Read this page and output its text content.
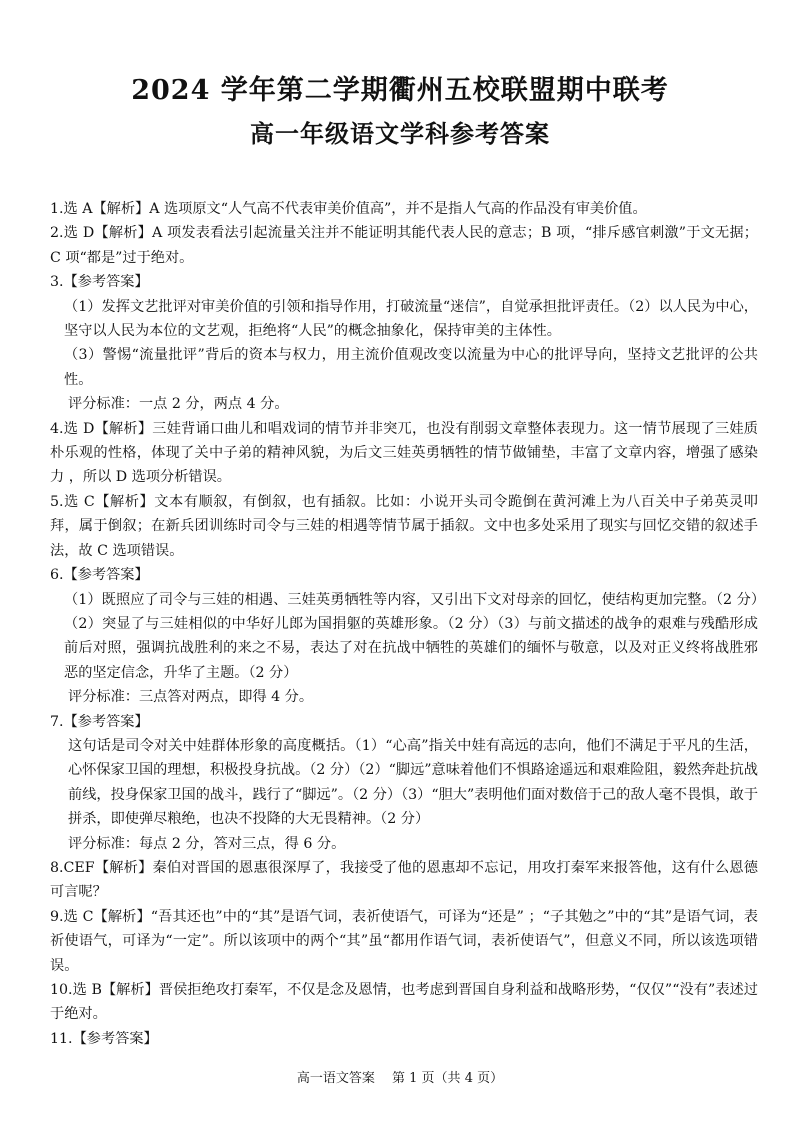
2024 学年第二学期衢州五校联盟期中联考
高一年级语文学科参考答案

1.选 A【解析】A 选项原文“人气高不代表审美价值高”，并不是指人气高的作品没有审美价值。

2.选 D【解析】A 项发表看法引起流量关注并不能证明其能代表人民的意志；B 项，“排斥感官刺激”于文无据；C 项“都是”过于绝对。

3.【参考答案】

（1）发挥文艺批评对审美价值的引领和指导作用，打破流量“迷信”，自觉承担批评责任。（2）以人民为中心，坚守以人民为本位的文艺观，拒绝将“人民”的概念抽象化，保持审美的主体性。

（3）警惕“流量批评”背后的资本与权力，用主流价值观改变以流量为中心的批评导向，坚持文艺批评的公共性。

评分标准：一点 2 分，两点 4 分。

4.选 D【解析】三娃背诵口曲儿和唱戏词的情节并非突兀，也没有削弱文章整体表现力。这一情节展现了三娃质朴乐观的性格，体现了关中子弟的精神风貌，为后文三娃英勇牺牲的情节做铺垫，丰富了文章内容，增强了感染力 ，所以 D 选项分析错误。

5.选 C【解析】文本有顺叙，有倒叙，也有插叙。比如：小说开头司令跪倒在黄河滩上为八百关中子弟英灵叩拜，属于倒叙；在新兵团训练时司令与三娃的相遇等情节属于插叙。文中也多处采用了现实与回忆交错的叙述手法，故 C 选项错误。

6.【参考答案】

（1）既照应了司令与三娃的相遇、三娃英勇牺牲等内容，又引出下文对母亲的回忆，使结构更加完整。（2 分）（2）突显了与三娃相似的中华好儿郎为国捐躯的英雄形象。（2 分）（3）与前文描述的战争的艰难与残酷形成前后对照，强调抗战胜利的来之不易，表达了对在抗战中牺牲的英雄们的缅怀与敬意，以及对正义终将战胜邪恶的坚定信念，升华了主题。（2 分）

评分标准：三点答对两点，即得 4 分。

7.【参考答案】

这句话是司令对关中娃群体形象的高度概括。（1）“心高”指关中娃有高远的志向，他们不满足于平凡的生活，心怀保家卫国的理想，积极投身抗战。（2 分）（2）“脚远”意味着他们不惧路途遥远和艰难险阻，毅然奔赴抗战前线，投身保家卫国的战斗，践行了“脚远”。（2 分）（3）“胆大”表明他们面对数倍于己的敌人毫不畏惧，敢于拼杀，即使弹尽粮绝，也决不投降的大无畏精神。（2 分）

评分标准：每点 2 分，答对三点，得 6 分。

8.CEF【解析】秦伯对晋国的恩惠很深厚了，我接受了他的恩惠却不忘记，用攻打秦军来报答他，这有什么恩德可言呢？

9.选 C【解析】“吾其还也”中的“其”是语气词，表祈使语气，可译为“还是” ；“子其勉之”中的“其”是语气词，表祈使语气，可译为“一定”。所以该项中的两个“其”虽“都用作语气词，表祈使语气”，但意义不同，所以该选项错误。

10.选 B【解析】晋侯拒绝攻打秦军，不仅是念及恩情，也考虑到晋国自身利益和战略形势，“仅仅”“没有”表述过于绝对。

11.【参考答案】

高一语文答案　 第 1 页（共 4 页）
